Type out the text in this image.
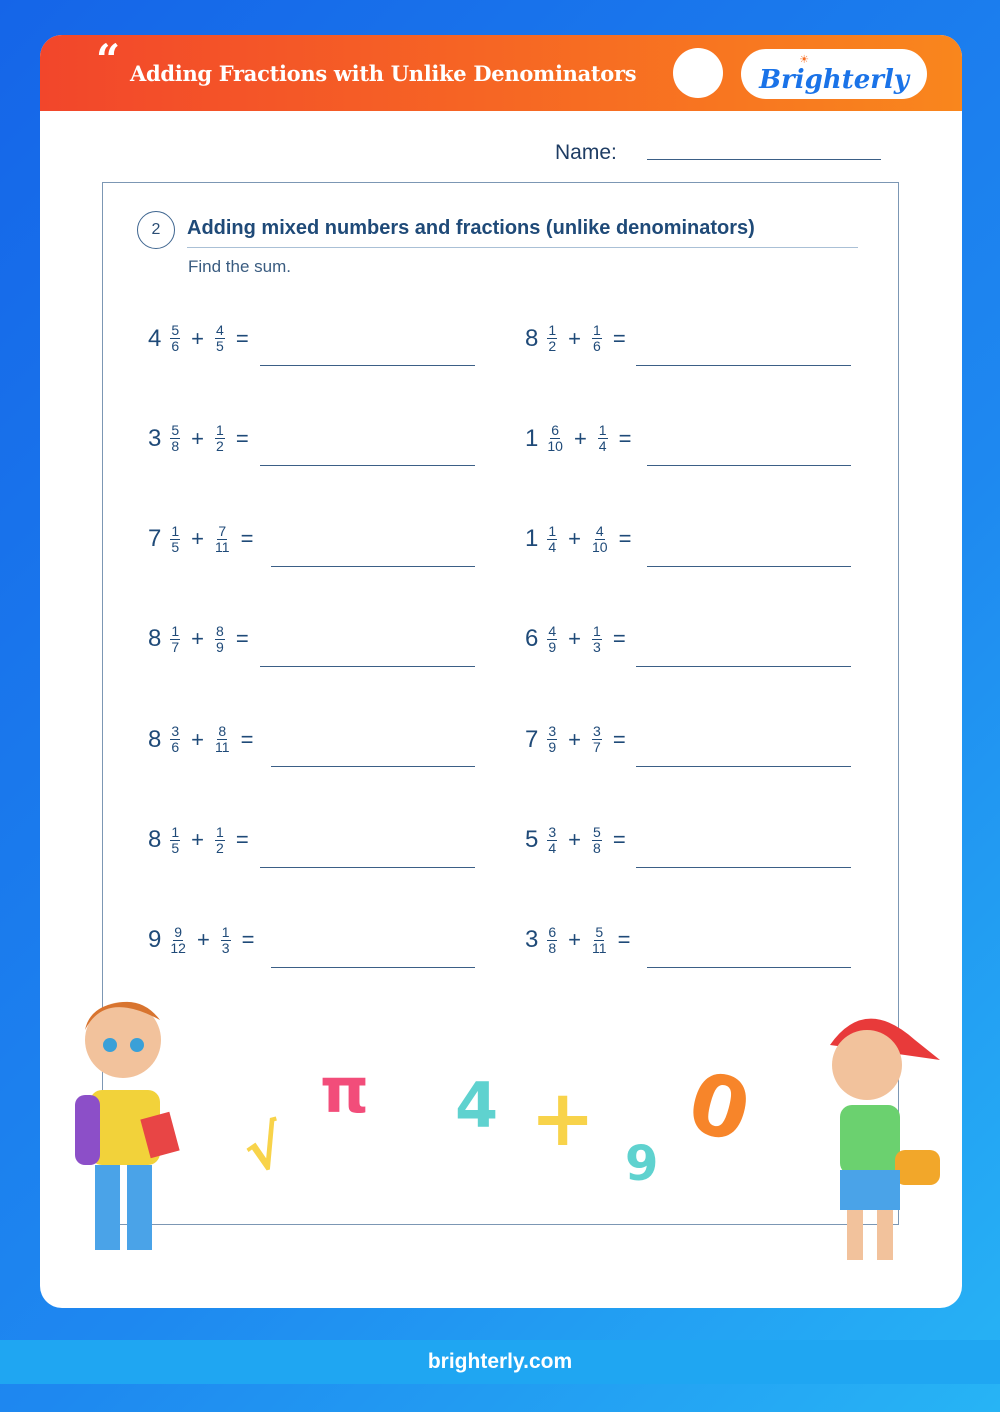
“ Adding Fractions with Unlike Denominators
☀
Brighterly
Name:
2	Adding mixed numbers and fractions (unlike denominators)
Find the sum.
$4 \frac{5}{6} + \frac{4}{5}$ =	$8 \frac{1}{2} + \frac{1}{6}$ =
$3 \frac{5}{8} + \frac{1}{2}$ =	$1 \frac{6}{10} + \frac{1}{4}$ =
$7 \frac{1}{5} + \frac{7}{11}$ =	$1 \frac{1}{4} + \frac{4}{10}$ =
$8 \frac{1}{7} + \frac{8}{9}$ =	$6 \frac{4}{9} + \frac{1}{3}$ =
$8 \frac{3}{6} + \frac{8}{11}$ =	$7 \frac{3}{9} + \frac{3}{7}$ =
$8 \frac{1}{5} + \frac{1}{2}$ =	$5 \frac{3}{4} + \frac{5}{8}$ =
$9 \frac{9}{12} + \frac{1}{3}$ =	$3 \frac{6}{8} + \frac{5}{11}$ =
√
π 4 + 9
0
brighterly.com
